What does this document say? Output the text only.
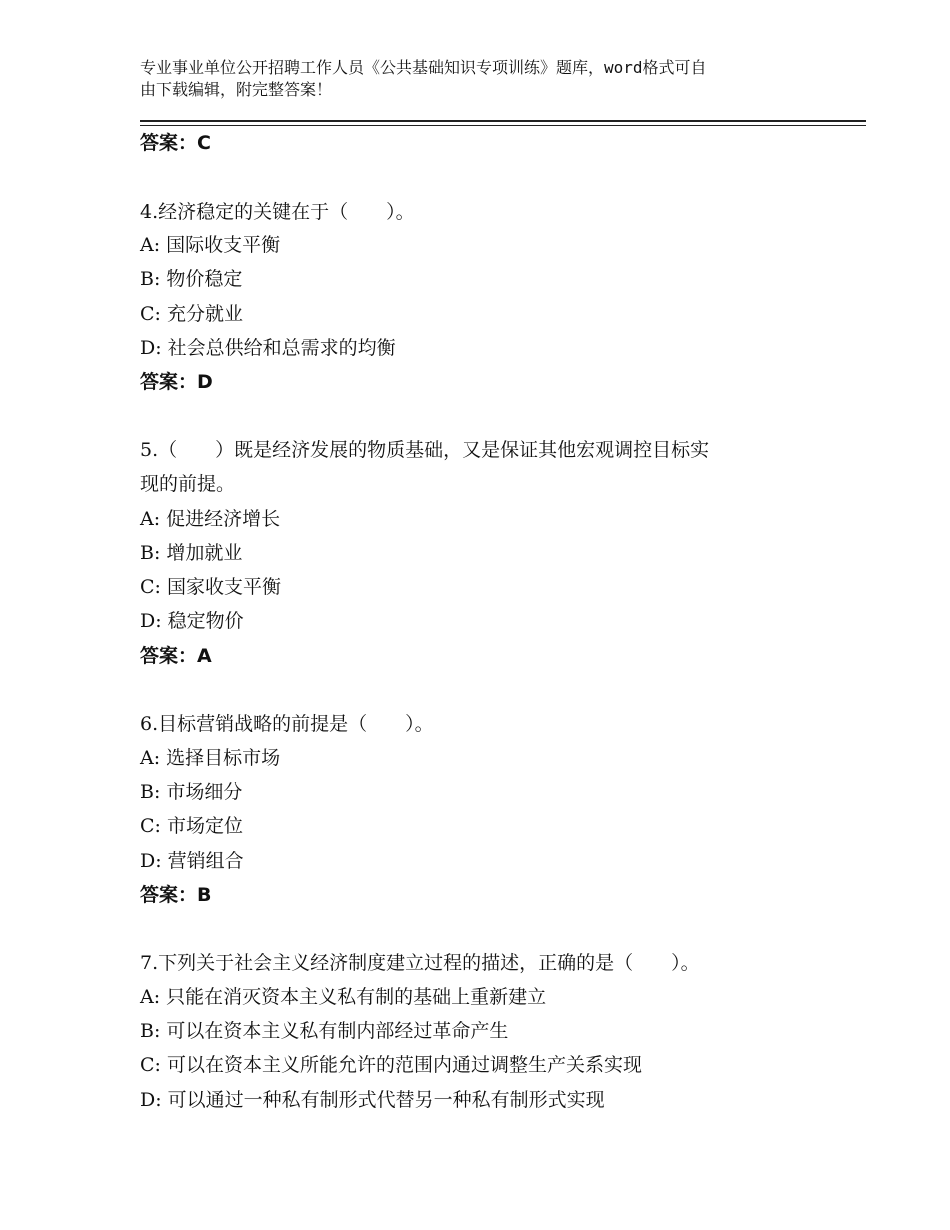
专业事业单位公开招聘工作人员《公共基础知识专项训练》题库，word格式可自
由下载编辑，附完整答案！
答案：C
4.经济稳定的关键在于（　　）。
A: 国际收支平衡
B: 物价稳定
C: 充分就业
D: 社会总供给和总需求的均衡
答案：D
5.（　　）既是经济发展的物质基础，又是保证其他宏观调控目标实
现的前提。
A: 促进经济增长
B: 增加就业
C: 国家收支平衡
D: 稳定物价
答案：A
6.目标营销战略的前提是（　　）。
A: 选择目标市场
B: 市场细分
C: 市场定位
D: 营销组合
答案：B
7.下列关于社会主义经济制度建立过程的描述，正确的是（　　）。
A: 只能在消灭资本主义私有制的基础上重新建立
B: 可以在资本主义私有制内部经过革命产生
C: 可以在资本主义所能允许的范围内通过调整生产关系实现
D: 可以通过一种私有制形式代替另一种私有制形式实现
